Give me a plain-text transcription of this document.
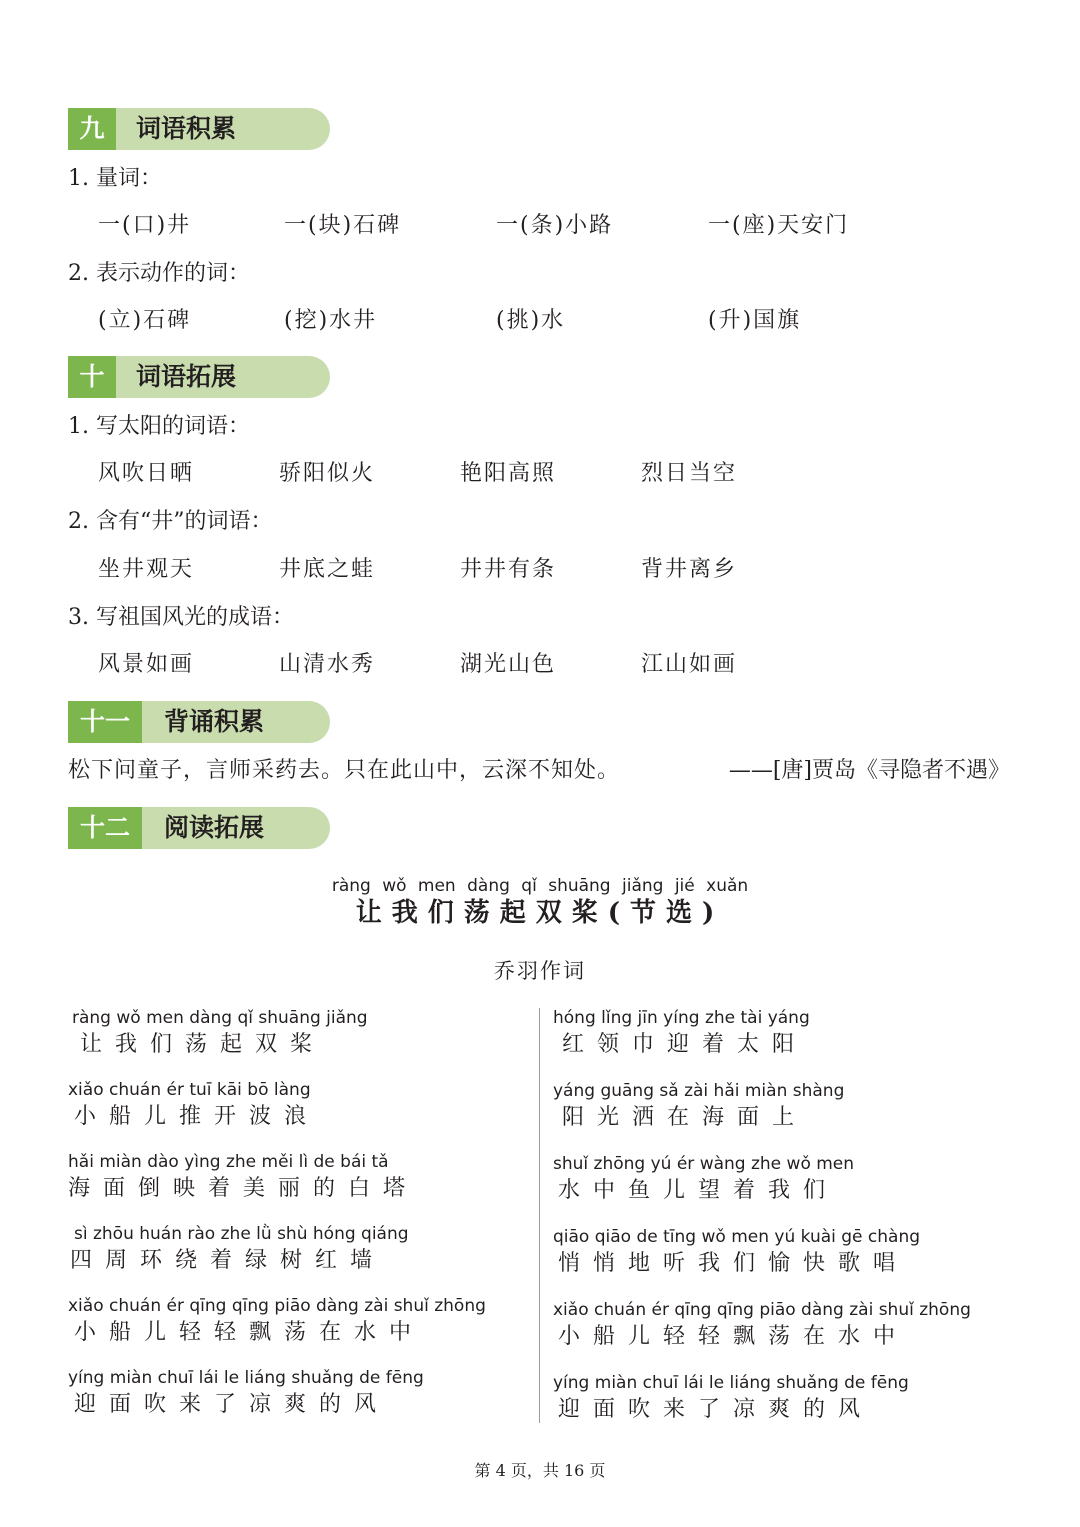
九	词语积累
1. 量词：
一(口)井	一(块)石碑	一(条)小路	一(座)天安门
2. 表示动作的词：
(立)石碑	(挖)水井	(挑)水	(升)国旗
十	词语拓展
1. 写太阳的词语：
风吹日晒	骄阳似火	艳阳高照	烈日当空
2. 含有“井”的词语：
坐井观天	井底之蛙	井井有条	背井离乡
3. 写祖国风光的成语：
风景如画	山清水秀	湖光山色	江山如画
十一	背诵积累
松下问童子，言师采药去。只在此山中，云深不知处。	——[唐]贾岛《寻隐者不遇》
十二	阅读拓展
ràng wǒ men dàng qǐ shuāng jiǎng jié xuǎn
让我们荡起双桨(节选)
乔羽作词
ràng wǒ men dàng qǐ shuāng jiǎng
让 我 们 荡 起 双 桨
xiǎo chuán ér tuī kāi bō làng
小 船 儿 推 开 波 浪
hǎi miàn dào yìng zhe měi lì de bái tǎ
海 面 倒 映 着 美 丽 的 白 塔
sì zhōu huán rào zhe lǜ shù hóng qiáng
四 周 环 绕 着 绿 树 红 墙
xiǎo chuán ér qīng qīng piāo dàng zài shuǐ zhōng
小 船 儿 轻 轻 飘 荡 在 水 中
yíng miàn chuī lái le liáng shuǎng de fēng
迎 面 吹 来 了 凉 爽 的 风
hóng lǐng jīn yíng zhe tài yáng
红 领 巾 迎 着 太 阳
yáng guāng sǎ zài hǎi miàn shàng
阳 光 洒 在 海 面 上
shuǐ zhōng yú ér wàng zhe wǒ men
水 中 鱼 儿 望 着 我 们
qiāo qiāo de tīng wǒ men yú kuài gē chàng
悄 悄 地 听 我 们 愉 快 歌 唱
xiǎo chuán ér qīng qīng piāo dàng zài shuǐ zhōng
小 船 儿 轻 轻 飘 荡 在 水 中
yíng miàn chuī lái le liáng shuǎng de fēng
迎 面 吹 来 了 凉 爽 的 风
第 4 页，共 16 页
